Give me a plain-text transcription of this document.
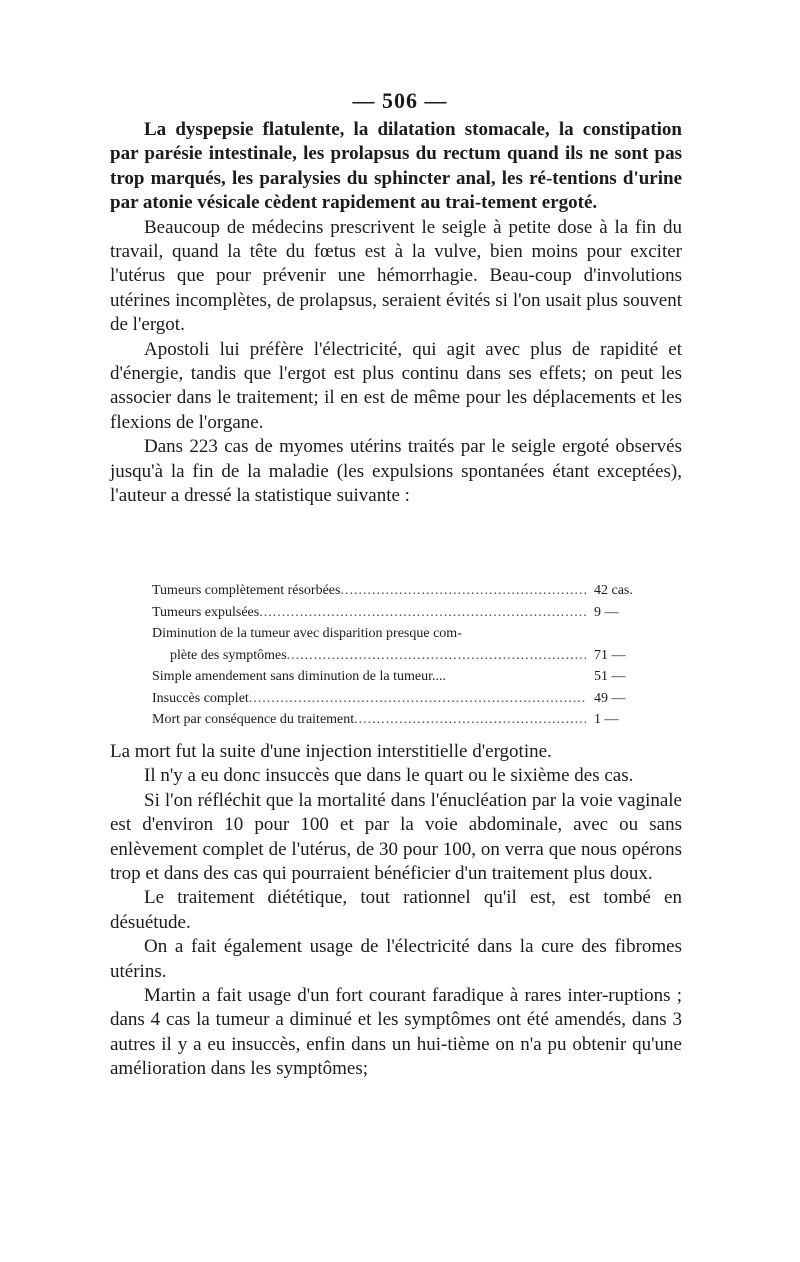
— 506 —

La dyspepsie flatulente, la dilatation stomacale, la constipation par parésie intestinale, les prolapsus du rectum quand ils ne sont pas trop marqués, les paralysies du sphincter anal, les ré-tentions d'urine par atonie vésicale cèdent rapidement au trai-tement ergoté.

Beaucoup de médecins prescrivent le seigle à petite dose à la fin du travail, quand la tête du fœtus est à la vulve, bien moins pour exciter l'utérus que pour prévenir une hémorrhagie. Beau-coup d'involutions utérines incomplètes, de prolapsus, seraient évités si l'on usait plus souvent de l'ergot.

Apostoli lui préfère l'électricité, qui agit avec plus de rapidité et d'énergie, tandis que l'ergot est plus continu dans ses effets; on peut les associer dans le traitement; il en est de même pour les déplacements et les flexions de l'organe.

Dans 223 cas de myomes utérins traités par le seigle ergoté observés jusqu'à la fin de la maladie (les expulsions spontanées étant exceptées), l'auteur a dressé la statistique suivante :

Tumeurs complètement résorbées .....	42 cas.
Tumeurs expulsées .....	9 —
Diminution de la tumeur avec disparition presque com-
plète des symptômes .....	71 —
Simple amendement sans diminution de la tumeur....	51 —
Insuccès complet .....	49 —
Mort par conséquence du traitement .....	1 —

La mort fut la suite d'une injection interstitielle d'ergotine.

Il n'y a eu donc insuccès que dans le quart ou le sixième des cas.

Si l'on réfléchit que la mortalité dans l'énucléation par la voie vaginale est d'environ 10 pour 100 et par la voie abdominale, avec ou sans enlèvement complet de l'utérus, de 30 pour 100, on verra que nous opérons trop et dans des cas qui pourraient bénéficier d'un traitement plus doux.

Le traitement diététique, tout rationnel qu'il est, est tombé en désuétude.

On a fait également usage de l'électricité dans la cure des fibromes utérins.

Martin a fait usage d'un fort courant faradique à rares inter-ruptions ; dans 4 cas la tumeur a diminué et les symptômes ont été amendés, dans 3 autres il y a eu insuccès, enfin dans un hui-tième on n'a pu obtenir qu'une amélioration dans les symptômes;
